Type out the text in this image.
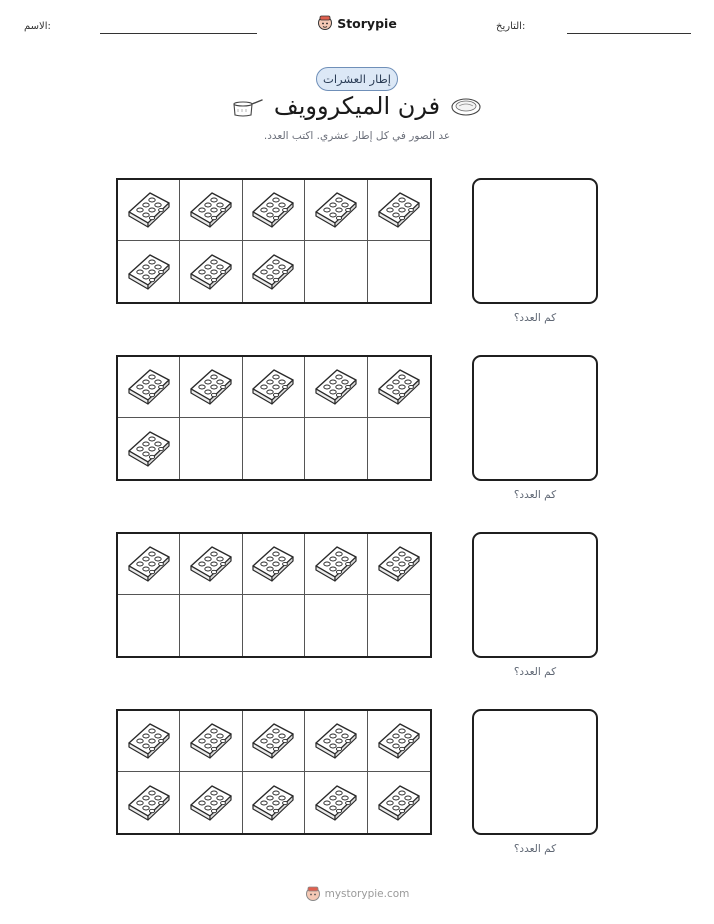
الاسم:	Storypie	التاريخ:
إطار العشرات
فرن الميكروويف
عد الصور في كل إطار عشري. اكتب العدد.
كم العدد؟
كم العدد؟
كم العدد؟
كم العدد؟
mystorypie.com
